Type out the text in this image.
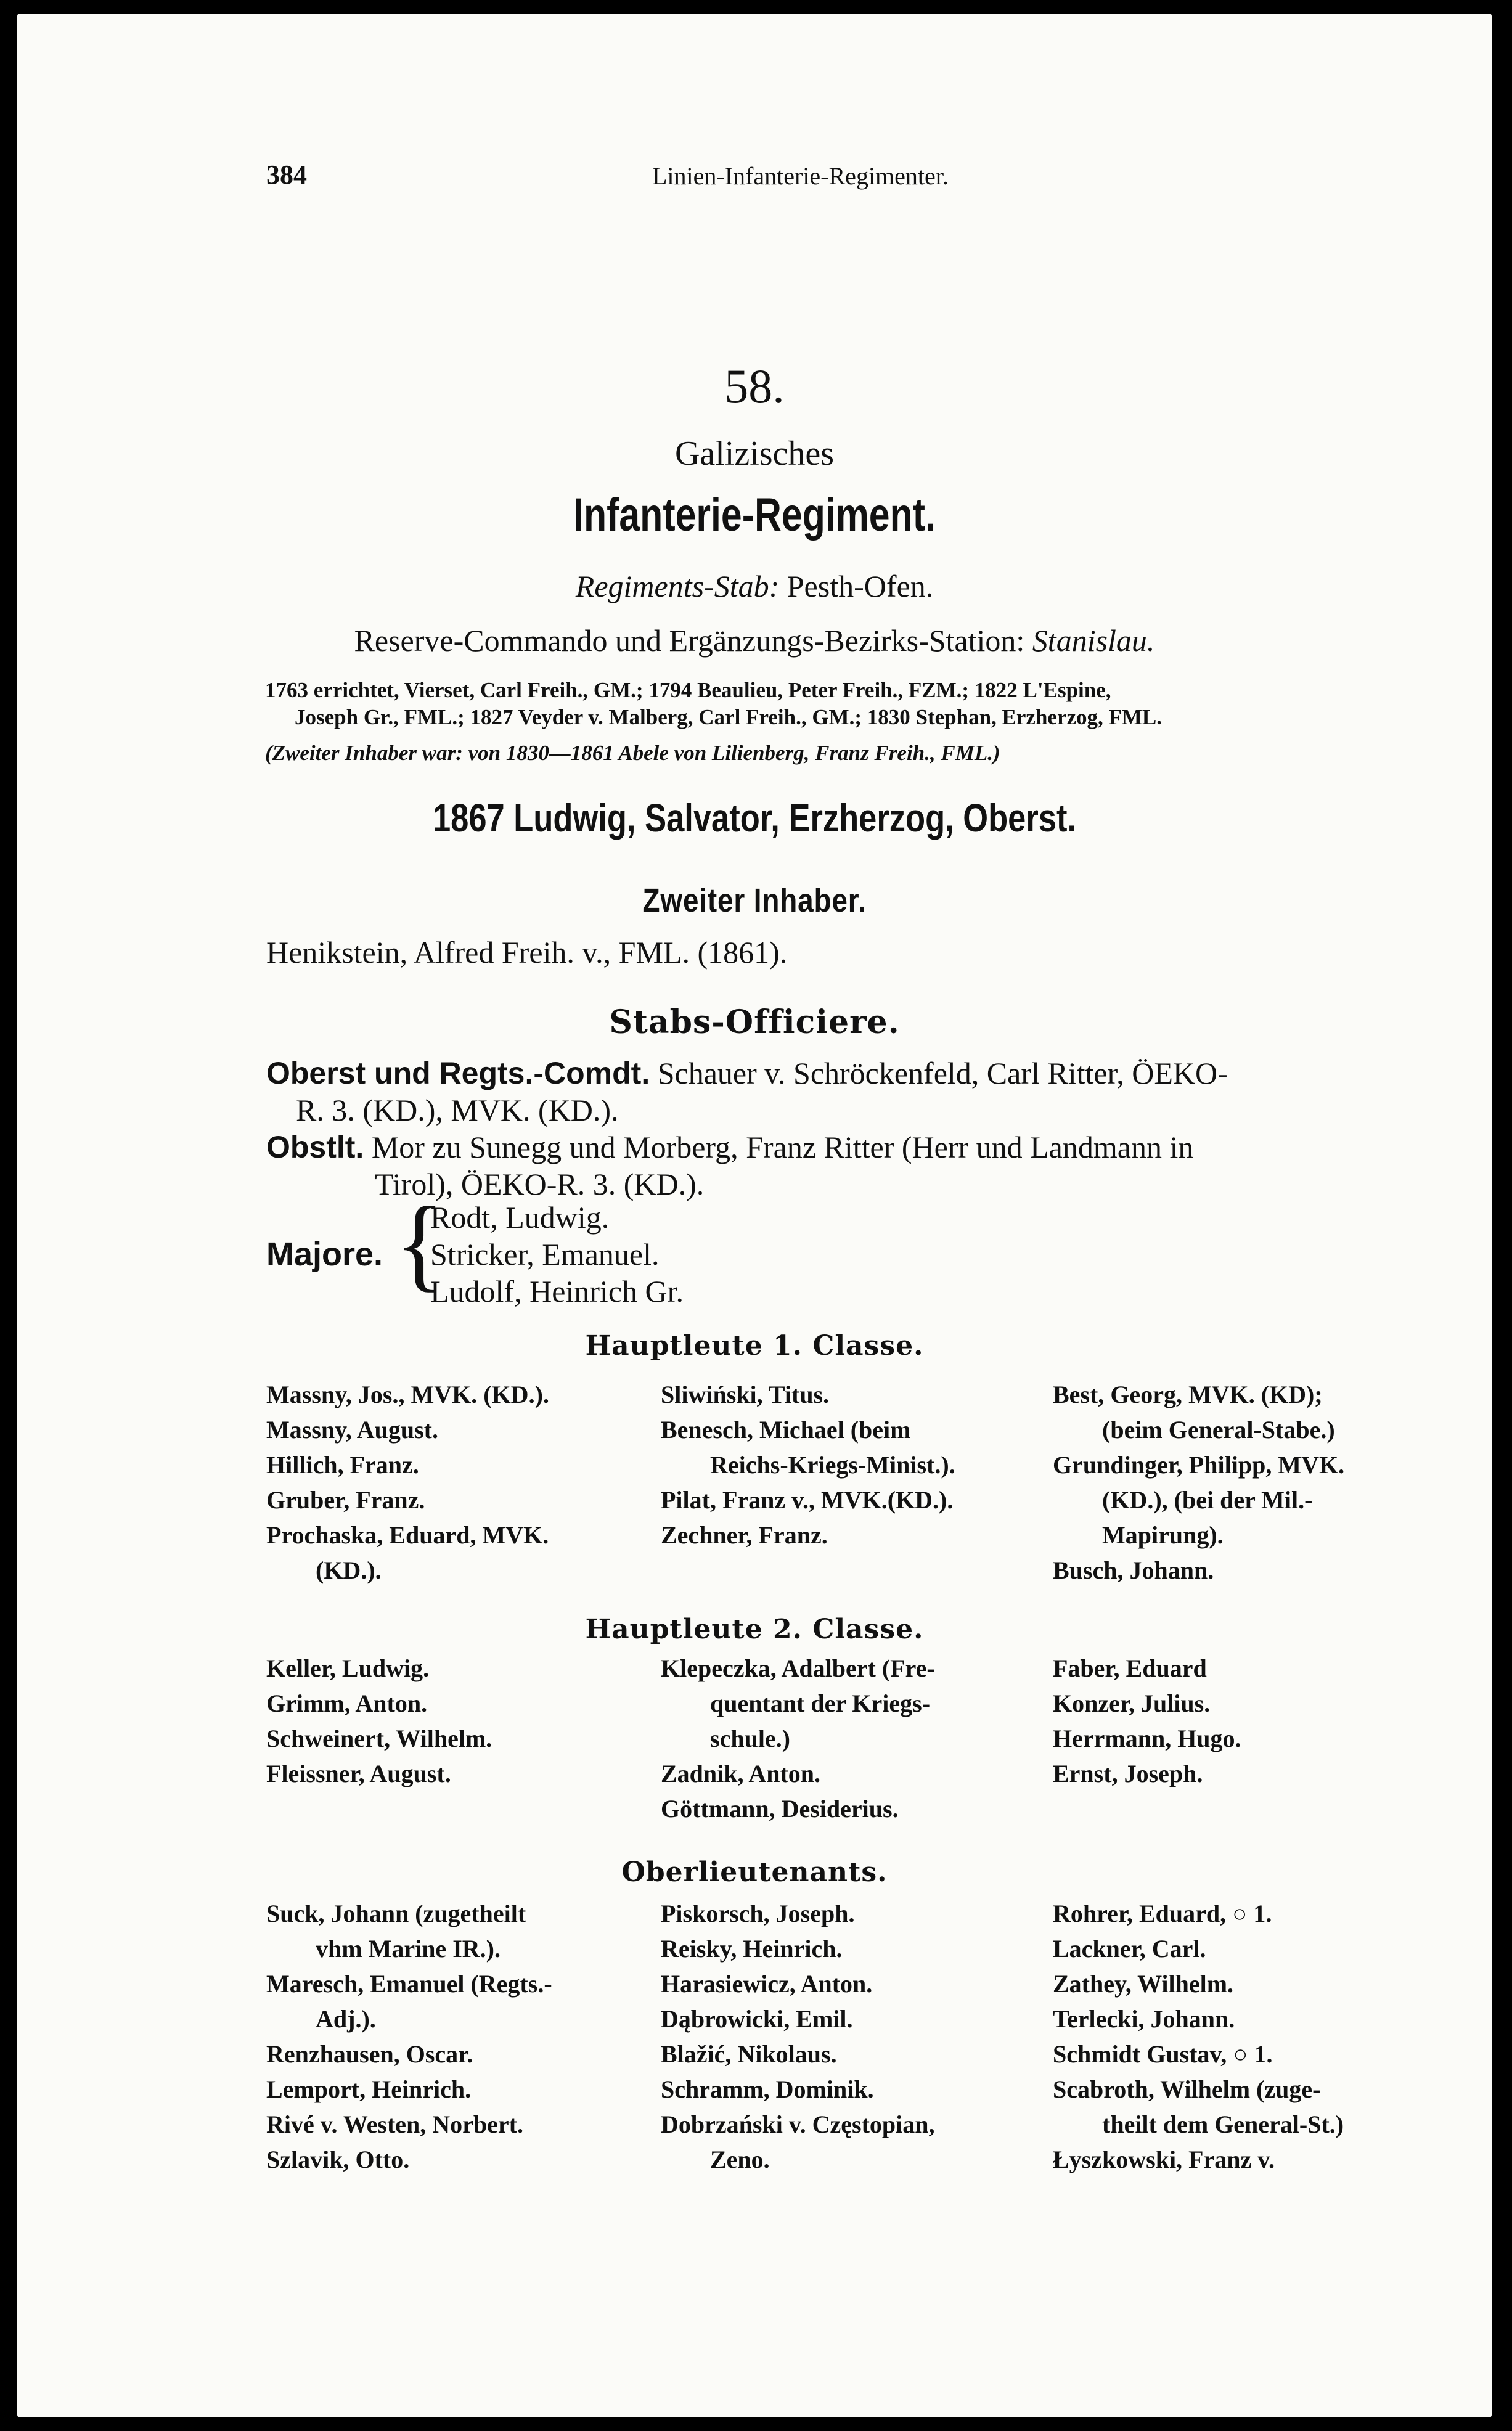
384	Linien-Infanterie-Regimenter.
58.
Galizisches
Infanterie-Regiment.
Regiments-Stab: Pesth-Ofen.
Reserve-Commando und Ergänzungs-Bezirks-Station: Stanislau.
1763 errichtet, Vierset, Carl Freih., GM.; 1794 Beaulieu, Peter Freih., FZM.; 1822 L'Espine,
Joseph Gr., FML.; 1827 Veyder v. Malberg, Carl Freih., GM.; 1830 Stephan, Erzherzog, FML.
(Zweiter Inhaber war: von 1830—1861 Abele von Lilienberg, Franz Freih., FML.)
1867 Ludwig, Salvator, Erzherzog, Oberst.
Zweiter Inhaber.
Henikstein, Alfred Freih. v., FML. (1861).
Stabs-Officiere.
Oberst und Regts.-Comdt. Schauer v. Schröckenfeld, Carl Ritter, ÖEKO-
R. 3. (KD.), MVK. (KD.).
Obstlt. Mor zu Sunegg und Morberg, Franz Ritter (Herr und Landmann in
Tirol), ÖEKO-R. 3. (KD.).
Majore. {
Rodt, Ludwig.
Stricker, Emanuel.
Ludolf, Heinrich Gr.
Hauptleute 1. Classe.
Massny, Jos., MVK. (KD.).
Massny, August.
Hillich, Franz.
Gruber, Franz.
Prochaska, Eduard, MVK.
(KD.).
Sliwiński, Titus.
Benesch, Michael (beim
Reichs-Kriegs-Minist.).
Pilat, Franz v., MVK.(KD.).
Zechner, Franz.
Best, Georg, MVK. (KD);
(beim General-Stabe.)
Grundinger, Philipp, MVK.
(KD.), (bei der Mil.-
Mapirung).
Busch, Johann.
Hauptleute 2. Classe.
Keller, Ludwig.
Grimm, Anton.
Schweinert, Wilhelm.
Fleissner, August.
Klepeczka, Adalbert (Fre-
quentant der Kriegs-
schule.)
Zadnik, Anton.
Göttmann, Desiderius.
Faber, Eduard
Konzer, Julius.
Herrmann, Hugo.
Ernst, Joseph.
Oberlieutenants.
Suck, Johann (zugetheilt
vhm Marine IR.).
Maresch, Emanuel (Regts.-
Adj.).
Renzhausen, Oscar.
Lemport, Heinrich.
Rivé v. Westen, Norbert.
Szlavik, Otto.
Piskorsch, Joseph.
Reisky, Heinrich.
Harasiewicz, Anton.
Dąbrowicki, Emil.
Blažić, Nikolaus.
Schramm, Dominik.
Dobrzański v. Częstopian,
Zeno.
Rohrer, Eduard, ○ 1.
Lackner, Carl.
Zathey, Wilhelm.
Terlecki, Johann.
Schmidt Gustav, ○ 1.
Scabroth, Wilhelm (zuge-
theilt dem General-St.)
Łyszkowski, Franz v.
